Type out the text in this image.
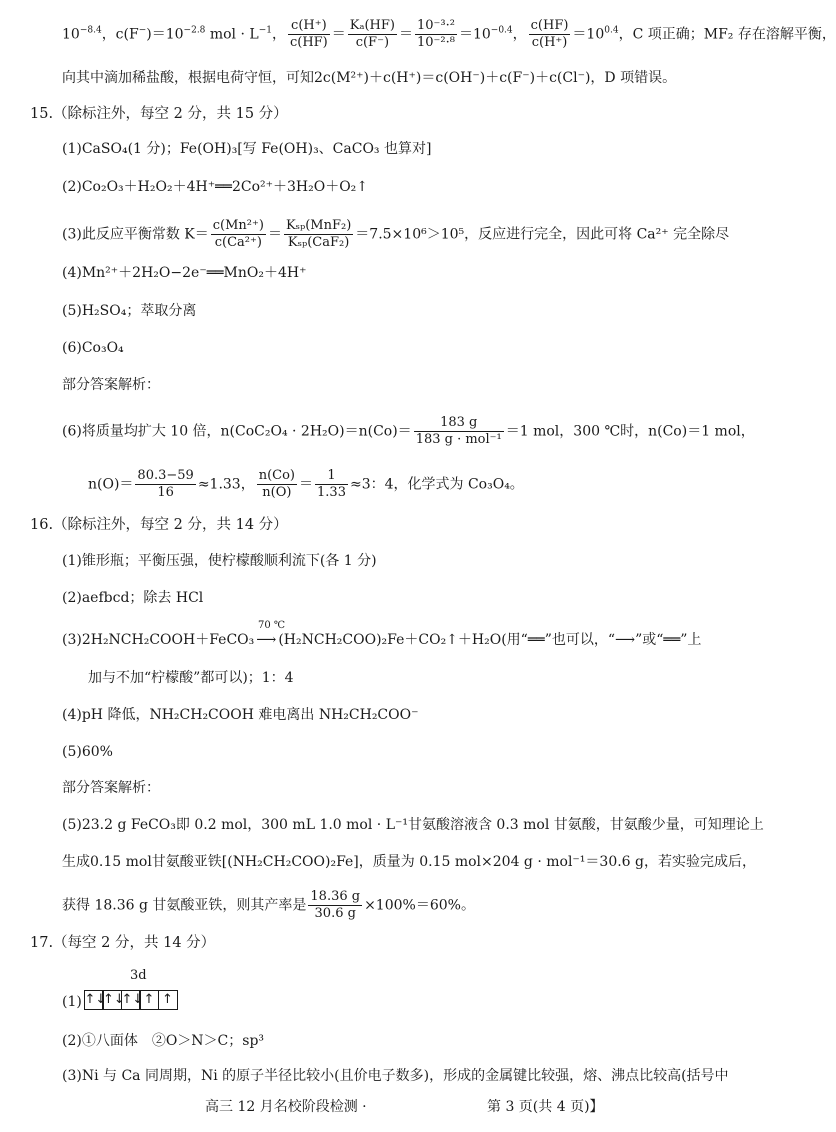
$10^{-8.4}$，$c(F^-)=10^{-2.8}$ mol · $L^{-1}$， $\frac{c(H^+)}{c(HF)} = \frac{\text{Kₐ(HF)}}{c(F^-)} = \frac{\text{10⁻³·²}}{\text{10⁻²·⁸}} =10^{-0.4}$， $\frac{c(HF)}{c(H^+)} =10^{0.4}$，C 项正确；MF₂ 存在溶解平衡，
向其中滴加稀盐酸，根据电荷守恒，可知2c(M²⁺)＋c(H⁺)＝c(OH⁻)＋c(F⁻)＋c(Cl⁻)，D 项错误。
15.（除标注外，每空 2 分，共 15 分）
(1)CaSO₄(1 分)；Fe(OH)₃[写 Fe(OH)₃、CaCO₃ 也算对]
(2)Co₂O₃＋H₂O₂＋4H⁺══2Co²⁺＋3H₂O＋O₂↑
(3)此反应平衡常数 $K= \frac{\text{c(Mn²⁺)}}{\text{c(Ca²⁺)}} = \frac{\text{Kₛₚ(MnF₂)}}{\text{Kₛₚ(CaF₂)}} =7.5\times 10^6>10^5$，反应进行完全，因此可将 Ca²⁺ 完全除尽
(4)Mn²⁺＋2H₂O−2e⁻══MnO₂＋4H⁺
(5)H₂SO₄；萃取分离
(6)Co₃O₄
部分答案解析：
(6)将质量均扩大 10 倍，$n(CoC_2O_4 \cdot 2H_2O)=n(Co)= \frac{183 g}{\text{183 g · mol⁻¹}} =1$ mol，300 ℃时，n(Co)＝1 mol，
$n(O)= \frac{80.3-59}{16} \approx 1.33$， $\frac{n(Co)}{n(O)} = \frac{1}{1.33} \approx 3$：4，化学式为 Co₃O₄。
16.（除标注外，每空 2 分，共 14 分）
(1)锥形瓶；平衡压强，使柠檬酸顺利流下(各 1 分)
(2)aefbcd；除去 HCl
70 ℃
(3)2H₂NCH₂COOH＋FeCO₃ ⟶ (H₂NCH₂COO)₂Fe＋CO₂↑＋H₂O(用“══”也可以，“⟶”或“══”上
加与不加“柠檬酸”都可以)；1：4
(4)pH 降低，NH₂CH₂COOH 难电离出 NH₂CH₂COO⁻
(5)60%
部分答案解析：
(5)23.2 g FeCO₃即 0.2 mol，300 mL 1.0 mol · L⁻¹甘氨酸溶液含 0.3 mol 甘氨酸，甘氨酸少量，可知理论上
生成0.15 mol甘氨酸亚铁[(NH₂CH₂COO)₂Fe]，质量为 0.15 mol×204 g · mol⁻¹＝30.6 g，若实验完成后，
获得 18.36 g 甘氨酸亚铁，则其产率是 $\frac{18.36 g}{30.6 g} \times 100\%=60\%$。
17.（每空 2 分，共 14 分）
3d
(1) ↑↓
↑↓
↑↓ ↑ ↑
(2)①八面体　②O＞N＞C；sp³
(3)Ni 与 Ca 同周期，Ni 的原子半径比较小(且价电子数多)，形成的金属键比较强，熔、沸点比较高(括号中
高三 12 月名校阶段检测 ·	第 3 页(共 4 页)】
